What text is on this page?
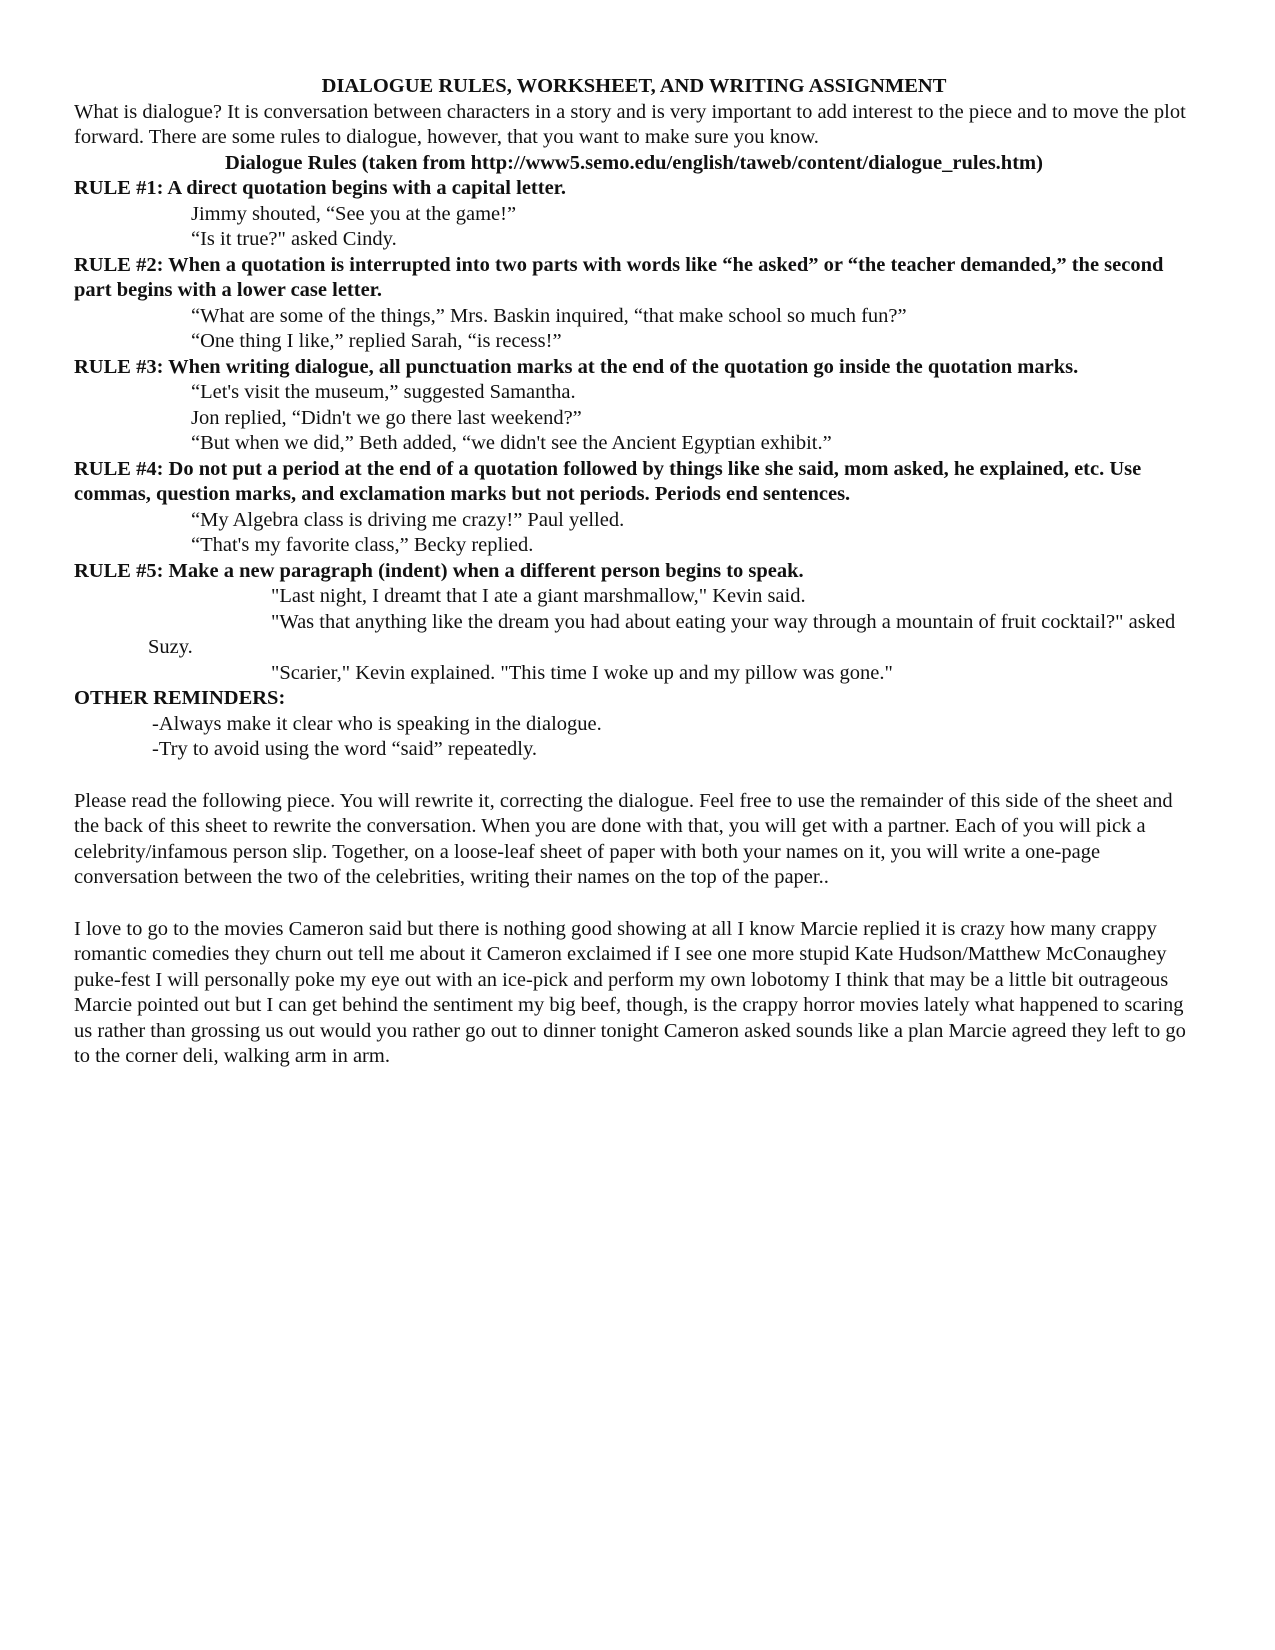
DIALOGUE RULES, WORKSHEET, AND WRITING ASSIGNMENT

What is dialogue? It is conversation between characters in a story and is very important to add interest to the piece and to move the plot forward. There are some rules to dialogue, however, that you want to make sure you know.

Dialogue Rules (taken from http://www5.semo.edu/english/taweb/content/dialogue_rules.htm)

RULE #1: A direct quotation begins with a capital letter.

Jimmy shouted, “See you at the game!”

“Is it true?" asked Cindy.

RULE #2: When a quotation is interrupted into two parts with words like “he asked” or “the teacher demanded,” the second part begins with a lower case letter.

“What are some of the things,” Mrs. Baskin inquired, “that make school so much fun?”

“One thing I like,” replied Sarah, “is recess!”

RULE #3: When writing dialogue, all punctuation marks at the end of the quotation go inside the quotation marks.

“Let's visit the museum,” suggested Samantha.

Jon replied, “Didn't we go there last weekend?”

“But when we did,” Beth added, “we didn't see the Ancient Egyptian exhibit.”

RULE #4: Do not put a period at the end of a quotation followed by things like she said, mom asked, he explained, etc. Use commas, question marks, and exclamation marks but not periods. Periods end sentences.

“My Algebra class is driving me crazy!” Paul yelled.

“That's my favorite class,” Becky replied.

RULE #5: Make a new paragraph (indent) when a different person begins to speak.

"Last night, I dreamt that I ate a giant marshmallow," Kevin said.

"Was that anything like the dream you had about eating your way through a mountain of fruit cocktail?" asked Suzy.

"Scarier," Kevin explained. "This time I woke up and my pillow was gone."

OTHER REMINDERS:

-Always make it clear who is speaking in the dialogue.

-Try to avoid using the word “said” repeatedly.

Please read the following piece. You will rewrite it, correcting the dialogue. Feel free to use the remainder of this side of the sheet and the back of this sheet to rewrite the conversation. When you are done with that, you will get with a partner. Each of you will pick a celebrity/infamous person slip. Together, on a loose-leaf sheet of paper with both your names on it, you will write a one-page conversation between the two of the celebrities, writing their names on the top of the paper..

I love to go to the movies Cameron said but there is nothing good showing at all I know Marcie replied it is crazy how many crappy romantic comedies they churn out tell me about it Cameron exclaimed if I see one more stupid Kate Hudson/Matthew McConaughey puke-fest I will personally poke my eye out with an ice-pick and perform my own lobotomy I think that may be a little bit outrageous Marcie pointed out but I can get behind the sentiment my big beef, though, is the crappy horror movies lately what happened to scaring us rather than grossing us out would you rather go out to dinner tonight Cameron asked sounds like a plan Marcie agreed they left to go to the corner deli, walking arm in arm.
